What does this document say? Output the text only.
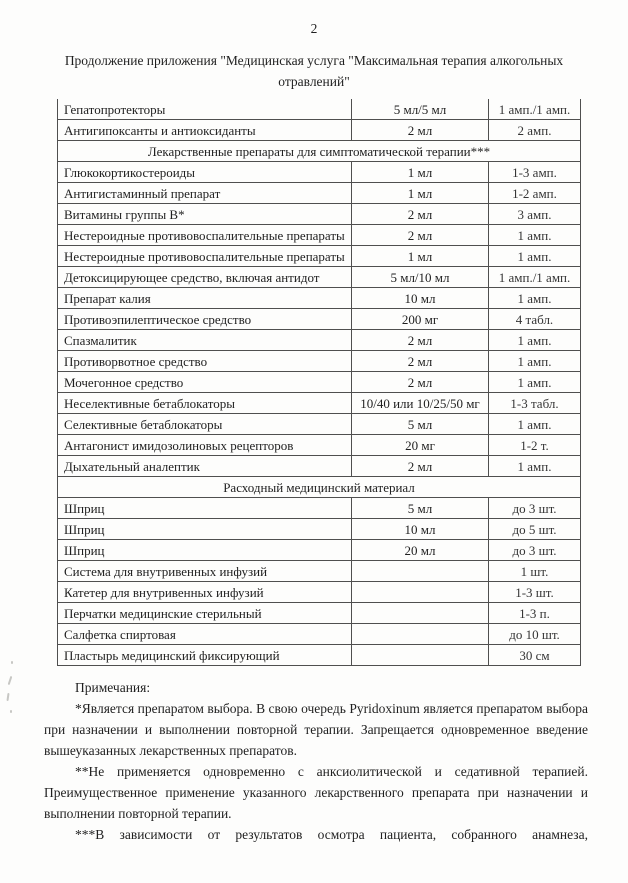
2
Продолжение приложения "Медицинская услуга "Максимальная терапия алкогольных отравлений"
Гепатопротекторы	5 мл/5 мл	1 амп./1 амп.
Антигипоксанты и антиоксиданты	2 мл	2 амп.
Лекарственные препараты для симптоматической терапии***		
Глюкокортикостероиды	1 мл	1-3 амп.
Антигистаминный препарат	1 мл	1-2 амп.
Витамины группы В*	2 мл	3 амп.
Нестероидные противовоспалительные препараты	2 мл	1 амп.
Нестероидные противовоспалительные препараты	1 мл	1 амп.
Детоксицирующее средство, включая антидот	5 мл/10 мл	1 амп./1 амп.
Препарат калия	10 мл	1 амп.
Противоэпилептическое средство	200 мг	4 табл.
Спазмалитик	2 мл	1 амп.
Противорвотное средство	2 мл	1 амп.
Мочегонное средство	2 мл	1 амп.
Неселективные бетаблокаторы	10/40 или 10/25/50 мг	1-3 табл.
Селективные бетаблокаторы	5 мл	1 амп.
Антагонист имидозолиновых рецепторов	20 мг	1-2 т.
Дыхательный аналептик	2 мл	1 амп.
Расходный медицинский материал		
Шприц	5 мл	до 3 шт.
Шприц	10 мл	до 5 шт.
Шприц	20 мл	до 3 шт.
Система для внутривенных инфузий		1 шт.
Катетер для внутривенных инфузий		1-3 шт.
Перчатки медицинские стерильный		1-3 п.
Салфетка спиртовая		до 10 шт.
Пластырь медицинский фиксирующий		30 см

Примечания:

*Является препаратом выбора. В свою очередь Pyridoxinum является препаратом выбора при назначении и выполнении повторной терапии. Запрещается одновременное введение вышеуказанных лекарственных препаратов.

**Не применяется одновременно с анксиолитической и седативной терапией. Преимущественное применение указанного лекарственного препарата при назначении и выполнении повторной терапии.

***В зависимости от результатов осмотра пациента, собранного анамнеза,
